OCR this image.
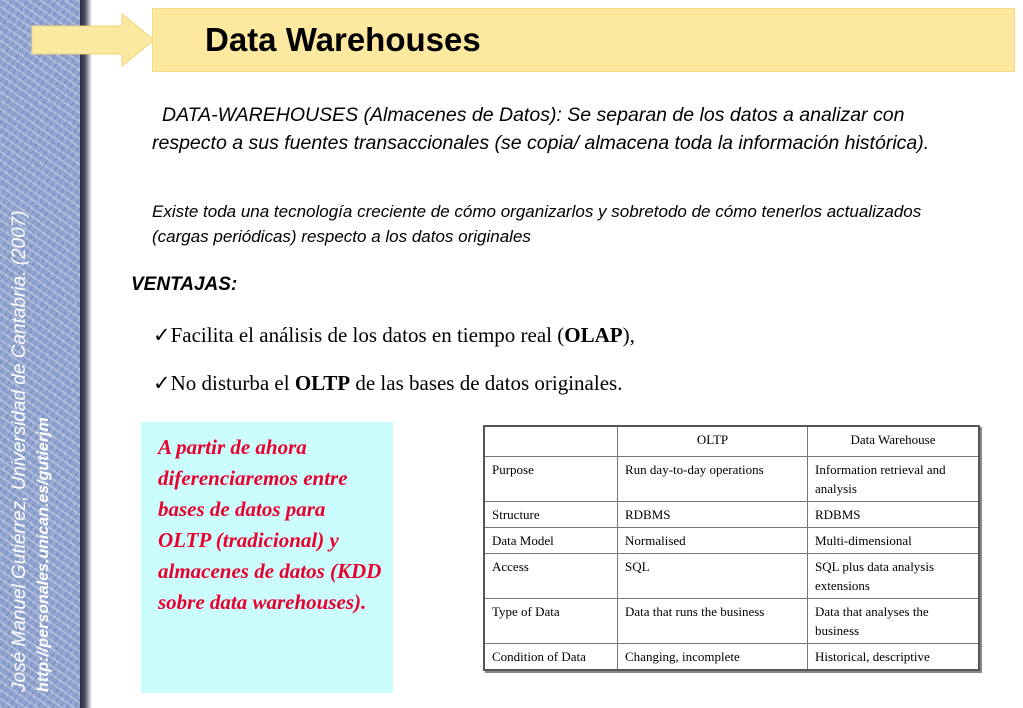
José Manuel Gutiérrez, Universidad de Cantabria. (2007) http://personales.unican.es/gutierjm
Data Warehouses

DATA-WAREHOUSES (Almacenes de Datos): Se separan de los datos a analizar con respecto a sus fuentes transaccionales (se copia/ almacena toda la información histórica).

Existe toda una tecnología creciente de cómo organizarlos y sobretodo de cómo tenerlos actualizados (cargas periódicas) respecto a los datos originales

VENTAJAS:

✓Facilita el análisis de los datos en tiempo real (OLAP),
✓No disturba el OLTP de las bases de datos originales.

A partir de ahora diferenciaremos entre bases de datos para OLTP (tradicional) y almacenes de datos (KDD sobre data warehouses).

	OLTP	Data Warehouse
Purpose	Run day-to-day operations	Information retrieval and analysis
Structure	RDBMS	RDBMS
Data Model	Normalised	Multi-dimensional
Access	SQL	SQL plus data analysis extensions
Type of Data	Data that runs the business	Data that analyses the business
Condition of Data	Changing, incomplete	Historical, descriptive
